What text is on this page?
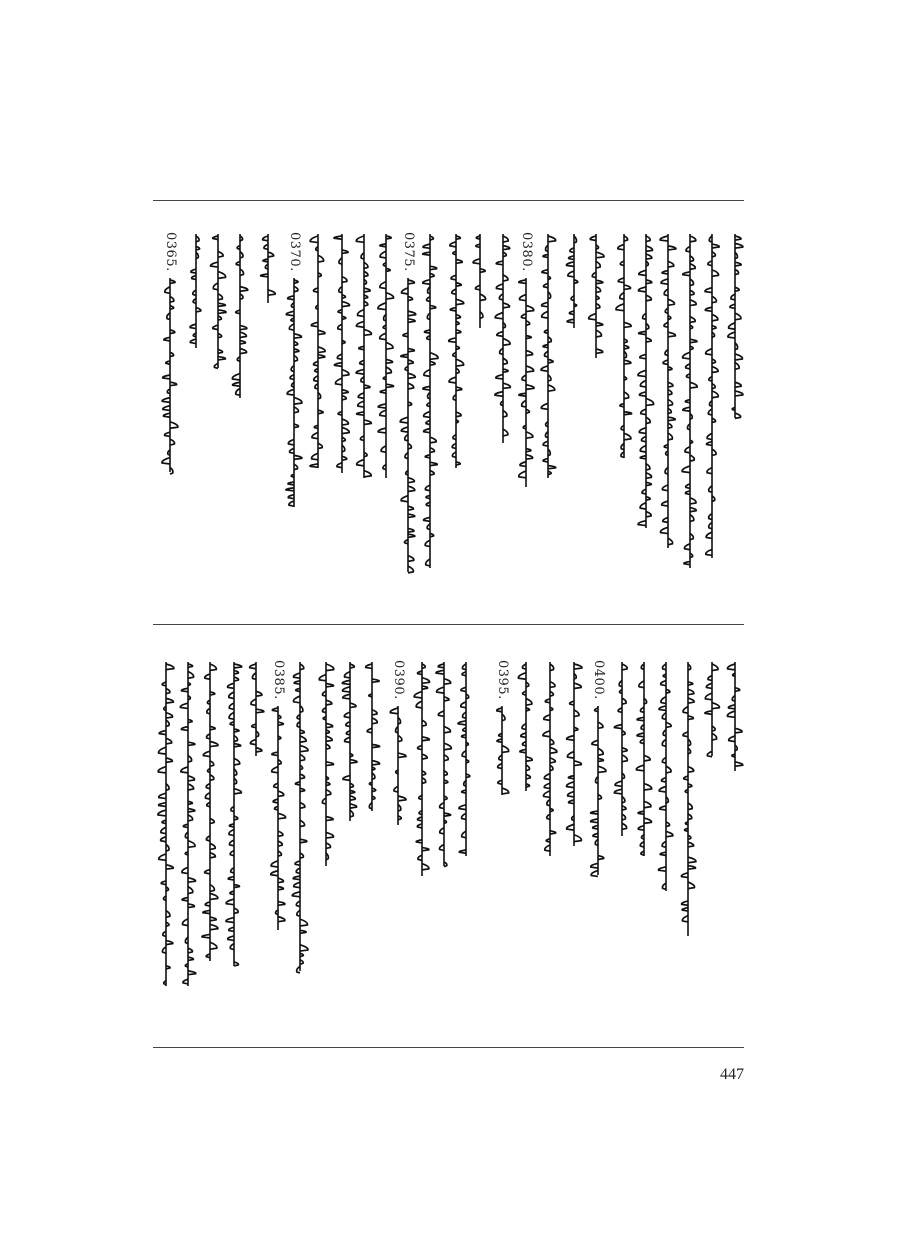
0365.	0370.	0375.	0380.
0385.	0390.	0395.	0400.
447
